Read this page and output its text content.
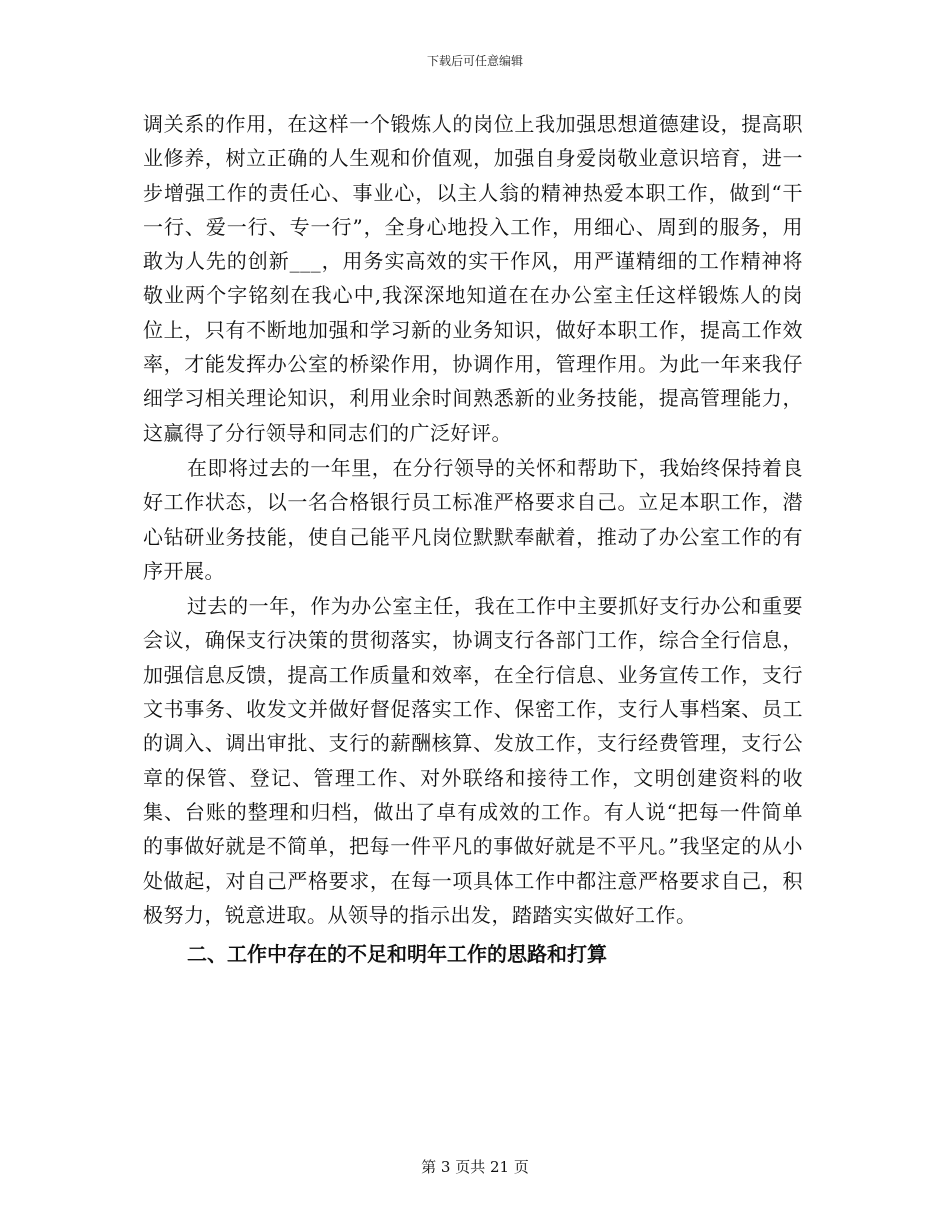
下载后可任意编辑

调关系的作用，在这样一个锻炼人的岗位上我加强思想道德建设，提高职业修养，树立正确的人生观和价值观，加强自身爱岗敬业意识培育，进一步增强工作的责任心、事业心，以主人翁的精神热爱本职工作，做到“干一行、爱一行、专一行”，全身心地投入工作，用细心、周到的服务，用敢为人先的创新___，用务实高效的实干作风，用严谨精细的工作精神将敬业两个字铭刻在我心中,我深深地知道在在办公室主任这样锻炼人的岗位上，只有不断地加强和学习新的业务知识，做好本职工作，提高工作效率，才能发挥办公室的桥梁作用，协调作用，管理作用。为此一年来我仔细学习相关理论知识，利用业余时间熟悉新的业务技能，提高管理能力，这赢得了分行领导和同志们的广泛好评。

在即将过去的一年里，在分行领导的关怀和帮助下，我始终保持着良好工作状态，以一名合格银行员工标准严格要求自己。立足本职工作，潜心钻研业务技能，使自己能平凡岗位默默奉献着，推动了办公室工作的有序开展。

过去的一年，作为办公室主任，我在工作中主要抓好支行办公和重要会议，确保支行决策的贯彻落实，协调支行各部门工作，综合全行信息，加强信息反馈，提高工作质量和效率，在全行信息、业务宣传工作，支行文书事务、收发文并做好督促落实工作、保密工作，支行人事档案、员工的调入、调出审批、支行的薪酬核算、发放工作，支行经费管理，支行公章的保管、登记、管理工作、对外联络和接待工作，文明创建资料的收集、台账的整理和归档，做出了卓有成效的工作。有人说“把每一件简单的事做好就是不简单，把每一件平凡的事做好就是不平凡。”我坚定的从小处做起，对自己严格要求，在每一项具体工作中都注意严格要求自己，积极努力，锐意进取。从领导的指示出发，踏踏实实做好工作。

二、工作中存在的不足和明年工作的思路和打算
第 3 页共 21 页
